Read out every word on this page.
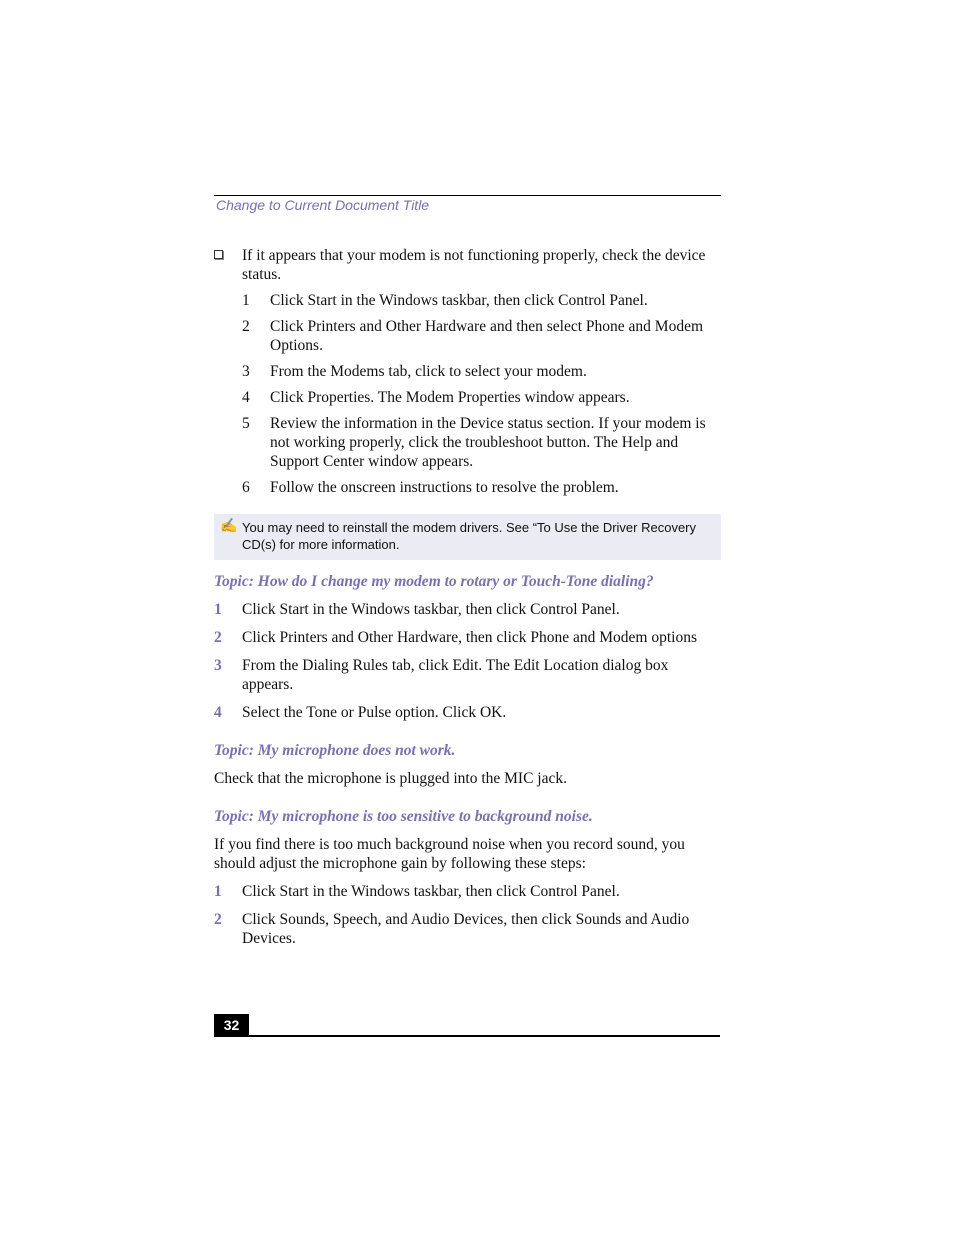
Change to Current Document Title
If it appears that your modem is not functioning properly, check the device status.
1 Click Start in the Windows taskbar, then click Control Panel.
2 Click Printers and Other Hardware and then select Phone and Modem Options.
3 From the Modems tab, click to select your modem.
4 Click Properties. The Modem Properties window appears.
5 Review the information in the Device status section. If your modem is not working properly, click the troubleshoot button. The Help and Support Center window appears.
6 Follow the onscreen instructions to resolve the problem.
✍ You may need to reinstall the modem drivers. See “To Use the Driver Recovery CD(s) for more information.
Topic: How do I change my modem to rotary or Touch-Tone dialing?
1 Click Start in the Windows taskbar, then click Control Panel.
2 Click Printers and Other Hardware, then click Phone and Modem options
3 From the Dialing Rules tab, click Edit. The Edit Location dialog box appears.
4 Select the Tone or Pulse option. Click OK.
Topic: My microphone does not work.
Check that the microphone is plugged into the MIC jack.
Topic: My microphone is too sensitive to background noise.
If you find there is too much background noise when you record sound, you should adjust the microphone gain by following these steps:
1 Click Start in the Windows taskbar, then click Control Panel.
2 Click Sounds, Speech, and Audio Devices, then click Sounds and Audio Devices.
32
